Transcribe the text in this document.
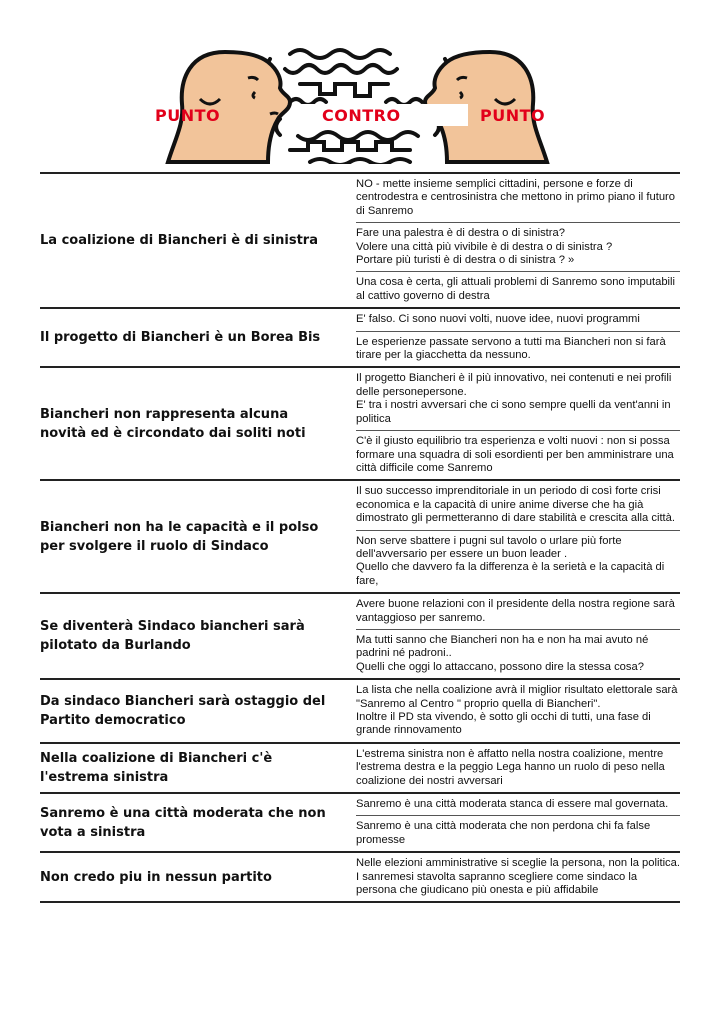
PUNTO	CONTRO	PUNTO
La coalizione di Biancheri è di sinistra
NO - mette insieme semplici cittadini, persone e forze di centrodestra e centrosinistra che mettono in primo piano il futuro di Sanremo
Fare una palestra è di destra o di sinistra?
Volere una città più vivibile è di destra o di sinistra ?
Portare più turisti è di destra o di sinistra ? »
Una cosa è certa, gli attuali problemi di Sanremo sono imputabili al cattivo governo di destra
Il progetto di Biancheri è un Borea Bis
E' falso. Ci sono nuovi volti, nuove idee, nuovi programmi
Le esperienze passate servono a tutti ma Biancheri non si farà tirare per la giacchetta da nessuno.
Biancheri non rappresenta alcuna novità ed è circondato dai soliti noti
Il progetto Biancheri è il più innovativo, nei contenuti e nei profili delle personepersone.
E' tra i nostri avversari che ci sono sempre quelli da vent'anni in politica
C'è il giusto equilibrio tra esperienza e volti nuovi : non si possa formare una squadra di soli esordienti per ben amministrare una città difficile come Sanremo
Biancheri non ha le capacità e il polso per svolgere il ruolo di Sindaco
Il suo successo imprenditoriale in un periodo di così forte crisi economica e la capacità di unire anime diverse che ha già dimostrato gli permetteranno di dare stabilità e crescita alla città.
Non serve sbattere i pugni sul tavolo o urlare più forte dell'avversario per essere un buon leader .
Quello che davvero fa la differenza è la serietà e la capacità di fare,
Se diventerà Sindaco biancheri sarà pilotato da Burlando
Avere buone relazioni con il presidente della nostra regione sarà vantaggioso per sanremo.
Ma tutti sanno che Biancheri non ha e non ha mai avuto né padrini né padroni..
Quelli che oggi lo attaccano, possono dire la stessa cosa?
Da sindaco Biancheri sarà ostaggio del Partito democratico
La lista che nella coalizione avrà il miglior risultato elettorale sarà "Sanremo al Centro " proprio quella di Biancheri".
Inoltre il PD sta vivendo, è sotto gli occhi di tutti, una fase di grande rinnovamento
Nella coalizione di Biancheri c'è l'estrema sinistra
L'estrema sinistra non è affatto nella nostra coalizione, mentre l'estrema destra e la peggio Lega hanno un ruolo di peso nella coalizione dei nostri avversari
Sanremo è una città moderata che non vota a sinistra
Sanremo è una città moderata stanca di essere mal governata.
Sanremo è una città moderata che non perdona chi fa false promesse
Non credo piu in nessun partito
Nelle elezioni amministrative si sceglie la persona, non la politica.
I sanremesi stavolta sapranno scegliere come sindaco la persona che giudicano più onesta e più affidabile
